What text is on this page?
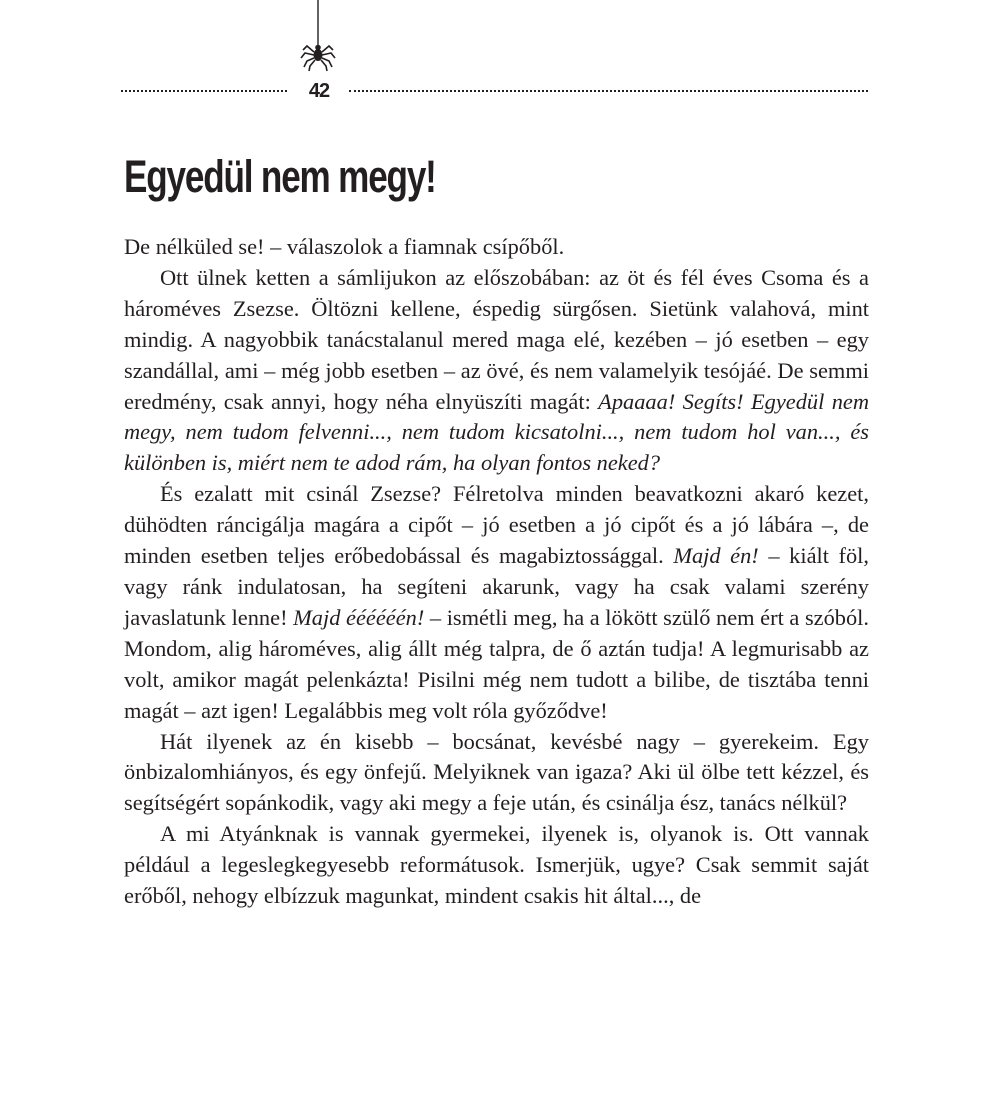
42
Egyedül nem megy!

De nélküled se! – válaszolok a fiamnak csípőből.

Ott ülnek ketten a sámlijukon az előszobában: az öt és fél éves Csoma és a hároméves Zsezse. Öltözni kellene, éspedig sürgősen. Sietünk valahová, mint mindig. A nagyobbik tanácstalanul mered maga elé, kezében – jó esetben – egy szandállal, ami – még jobb esetben – az övé, és nem valamelyik tesójáé. De semmi eredmény, csak annyi, hogy néha elnyüszíti magát: Apaaaa! Segíts! Egyedül nem megy, nem tudom felvenni..., nem tudom kicsatolni..., nem tudom hol van..., és különben is, miért nem te adod rám, ha olyan fontos neked?

És ezalatt mit csinál Zsezse? Félretolva minden beavatkozni akaró kezet, dühödten ráncigálja magára a cipőt – jó esetben a jó cipőt és a jó lábára –, de minden esetben teljes erőbedobással és magabiztossággal. Majd én! – kiált föl, vagy ránk indulatosan, ha segíteni akarunk, vagy ha csak valami szerény javaslatunk lenne! Majd éééééén! – ismétli meg, ha a lökött szülő nem ért a szóból. Mondom, alig hároméves, alig állt még talpra, de ő aztán tudja! A legmurisabb az volt, amikor magát pelenkázta! Pisilni még nem tudott a bilibe, de tisztába tenni magát – azt igen! Legalábbis meg volt róla győződve!

Hát ilyenek az én kisebb – bocsánat, kevésbé nagy – gyerekeim. Egy önbizalomhiányos, és egy önfejű. Melyiknek van igaza? Aki ül ölbe tett kézzel, és segítségért sopánkodik, vagy aki megy a feje után, és csinálja ész, tanács nélkül?

A mi Atyánknak is vannak gyermekei, ilyenek is, olyanok is. Ott vannak például a legeslegkegyesebb reformátusok. Ismerjük, ugye? Csak semmit saját erőből, nehogy elbízzuk magunkat, mindent csakis hit által..., de
